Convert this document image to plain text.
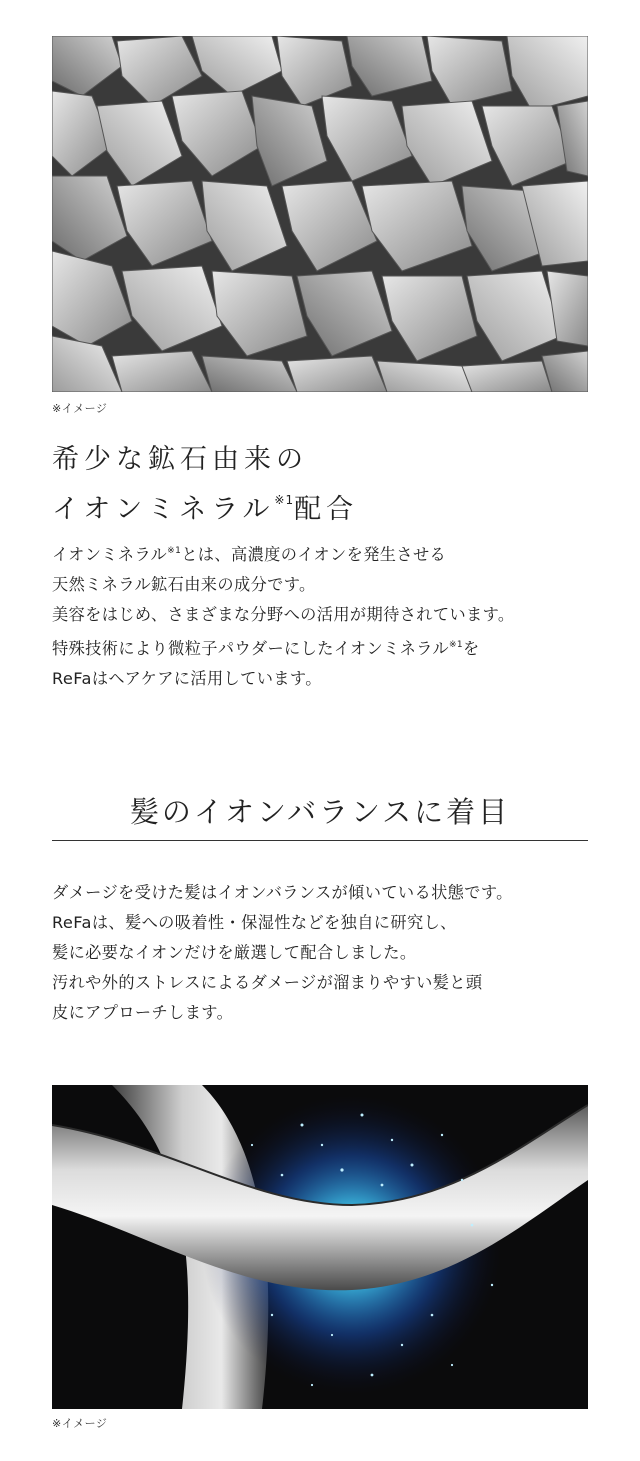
※イメージ
希少な鉱石由来の
イオンミネラル$^{※1}$配合

イオンミネラル$^{※1}$とは、高濃度のイオンを発生させる

天然ミネラル鉱石由来の成分です。

美容をはじめ、さまざまな分野への活用が期待されています。

特殊技術により微粒子パウダーにしたイオンミネラル$^{※1}$を

ReFaはヘアケアに活用しています。

髪のイオンバランスに着目

ダメージを受けた髪はイオンバランスが傾いている状態です。

ReFaは、髪への吸着性・保湿性などを独自に研究し、

髪に必要なイオンだけを厳選して配合しました。

汚れや外的ストレスによるダメージが溜まりやすい髪と頭

皮にアプローチします。

※イメージ
